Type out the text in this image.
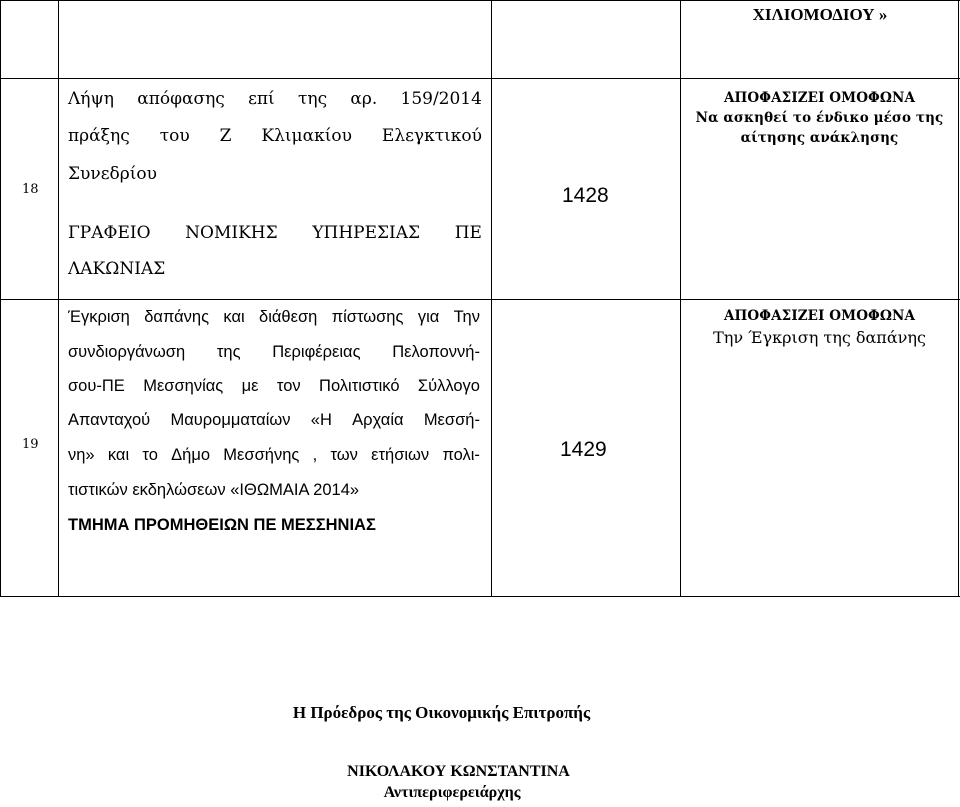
ΧΙΛΙΟΜΟΔΙΟΥ »
18
Λήψη απόφασης επί της αρ. 159/2014
πράξης του Ζ Κλιμακίου Ελεγκτικού
Συνεδρίου
ΓΡΑΦΕΙΟ ΝΟΜΙΚΗΣ ΥΠΗΡΕΣΙΑΣ ΠΕ
ΛΑΚΩΝΙΑΣ
1428
ΑΠΟΦΑΣΙΖΕΙ ΟΜΟΦΩΝΑ
Να ασκηθεί το ένδικο μέσο της
αίτησης ανάκλησης
19
Έγκριση δαπάνης και διάθεση πίστωσης για Την
συνδιοργάνωση της Περιφέρειας Πελοποννή-
σου-ΠΕ Μεσσηνίας με τον Πολιτιστικό Σύλλογο
Απανταχού Μαυρομματαίων «Η Αρχαία Μεσσή-
νη» και το Δήμο Μεσσήνης , των ετήσιων πολι-
τιστικών εκδηλώσεων «ΙΘΩΜΑΙΑ 2014»
ΤΜΗΜΑ ΠΡΟΜΗΘΕΙΩΝ ΠΕ ΜΕΣΣΗΝΙΑΣ
1429
ΑΠΟΦΑΣΙΖΕΙ ΟΜΟΦΩΝΑ
Την Έγκριση της δαπάνης
Η Πρόεδρος της Οικονομικής Επιτροπής
ΝΙΚΟΛΑΚΟΥ ΚΩΝΣΤΑΝΤΙΝΑ
Αντιπεριφερειάρχης
